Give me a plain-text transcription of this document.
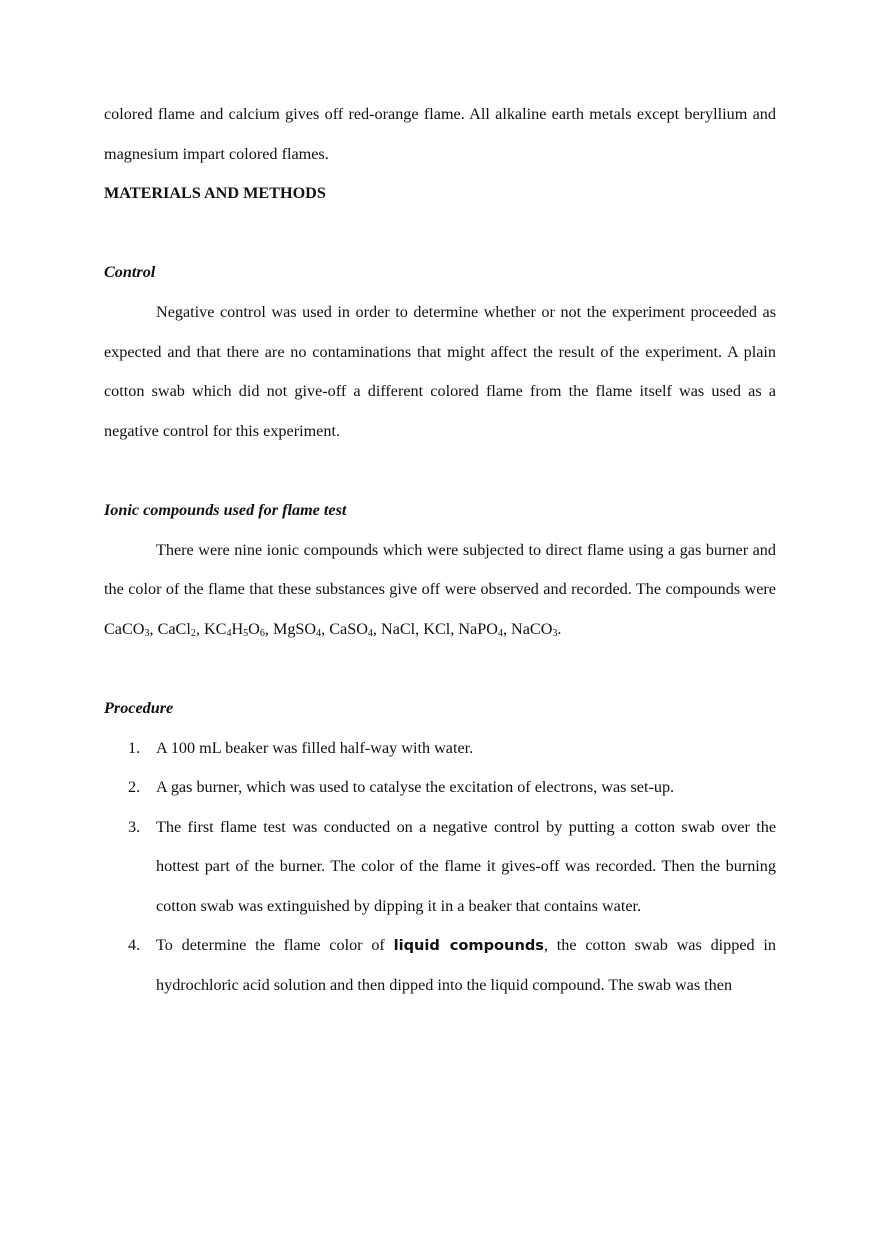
colored flame and calcium gives off red-orange flame. All alkaline earth metals except beryllium and magnesium impart colored flames.

MATERIALS AND METHODS

Control

Negative control was used in order to determine whether or not the experiment proceeded as expected and that there are no contaminations that might affect the result of the experiment. A plain cotton swab which did not give-off a different colored flame from the flame itself was used as a negative control for this experiment.

Ionic compounds used for flame test

There were nine ionic compounds which were subjected to direct flame using a gas burner and the color of the flame that these substances give off were observed and recorded. The compounds were CaCO$_3$, CaCl$_2$, $KC_4H_5O_6$, MgSO$_4$, CaSO$_4$, NaCl, KCl, NaPO$_4$, NaCO$_3$.

Procedure

1. A 100 mL beaker was filled half-way with water.
2. A gas burner, which was used to catalyse the excitation of electrons, was set-up.
3. The first flame test was conducted on a negative control by putting a cotton swab over the hottest part of the burner. The color of the flame it gives-off was recorded. Then the burning cotton swab was extinguished by dipping it in a beaker that contains water.
4. To determine the flame color of liquid compounds, the cotton swab was dipped in hydrochloric acid solution and then dipped into the liquid compound. The swab was then
